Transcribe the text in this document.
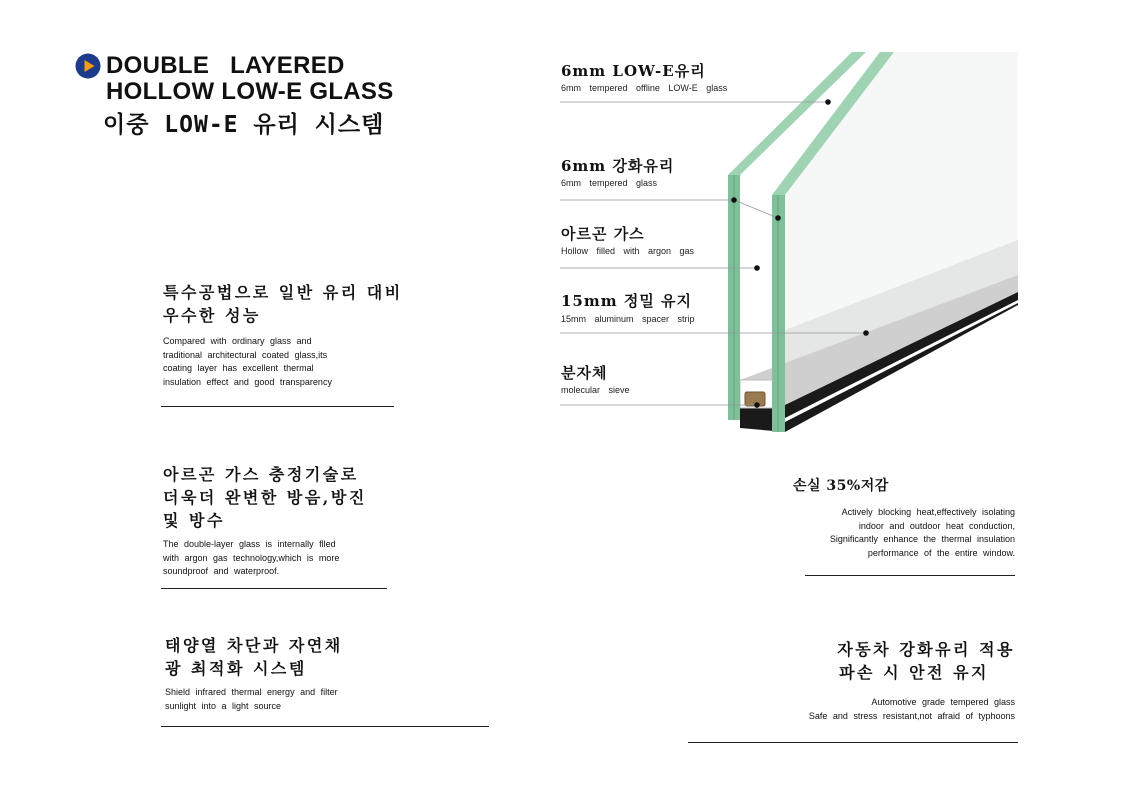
DOUBLE LAYERED
HOLLOW LOW-E GLASS
이중 LOW-E 유리 시스템
특수공법으로 일반 유리 대비
우수한 성능
Compared with ordinary glass and
traditional architectural coated glass,its
coating layer has excellent thermal
insulation effect and good transparency
아르곤 가스 충정기술로
더욱더 완변한 방음,방진
및 방수
The double-layer glass is internally flled
with argon gas technology,which is more
soundproof and waterproof.
태양열 차단과 자연채
광 최적화 시스템
Shield infrared thermal energy and filter
sunlight into a light source
손실 35%저감
Actively blocking heat,effectively isolating
indoor and outdoor heat conduction,
Significantly enhance the thermal insulation
performance of the entire window.
자동차 강화유리 적용
파손 시 안전 유지
Automotive grade tempered glass
Safe and stress resistant,not afraid of typhoons
6mm LOW-E유리
6mm tempered offline LOW-E glass
6mm 강화유리
6mm tempered glass
아르곤 가스
Hollow filled with argon gas
15mm 정밀 유지
15mm aluminum spacer strip
분자체
molecular sieve
